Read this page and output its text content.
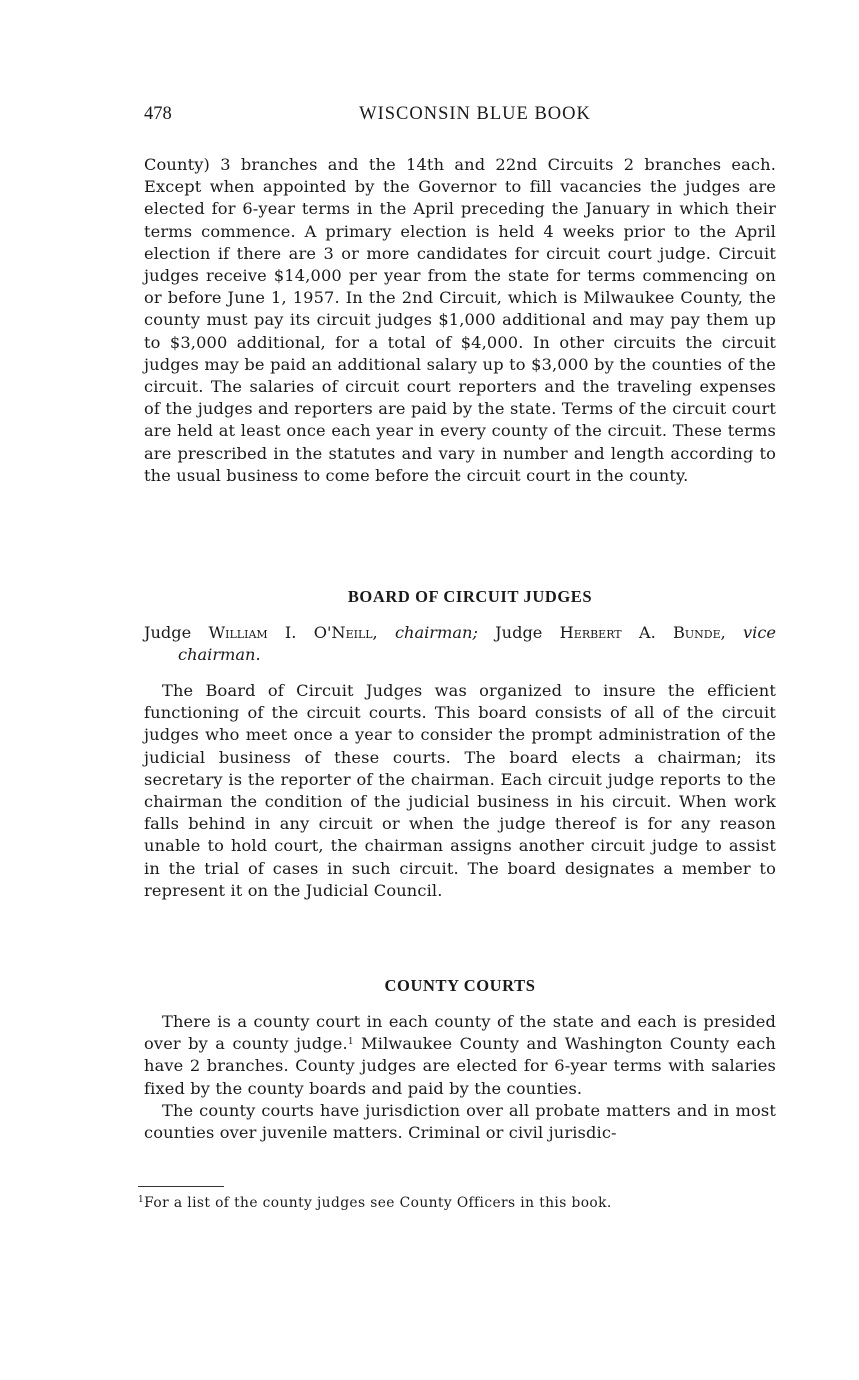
478	WISCONSIN BLUE BOOK

County) 3 branches and the 14th and 22nd Circuits 2 branches each. Except when appointed by the Governor to fill vacancies the judges are elected for 6-year terms in the April preceding the January in which their terms commence. A primary election is held 4 weeks prior to the April election if there are 3 or more candidates for circuit court judge. Circuit judges receive $14,000 per year from the state for terms commencing on or before June 1, 1957. In the 2nd Circuit, which is Milwaukee County, the county must pay its circuit judges $1,000 additional and may pay them up to $3,000 additional, for a total of $4,000. In other circuits the circuit judges may be paid an additional salary up to $3,000 by the counties of the circuit. The salaries of circuit court reporters and the traveling expenses of the judges and reporters are paid by the state. Terms of the circuit court are held at least once each year in every county of the circuit. These terms are prescribed in the statutes and vary in number and length according to the usual business to come before the circuit court in the county.

BOARD OF CIRCUIT JUDGES
Judge William I. O'Neill, chairman; Judge Herbert A. Bunde, vice
chairman.

The Board of Circuit Judges was organized to insure the efficient functioning of the circuit courts. This board consists of all of the circuit judges who meet once a year to consider the prompt administration of the judicial business of these courts. The board elects a chairman; its secretary is the reporter of the chairman. Each circuit judge reports to the chairman the condition of the judicial business in his circuit. When work falls behind in any circuit or when the judge thereof is for any reason unable to hold court, the chairman assigns another circuit judge to assist in the trial of cases in such circuit. The board designates a member to represent it on the Judicial Council.

COUNTY COURTS

There is a county court in each county of the state and each is presided over by a county judge.$^1$ Milwaukee County and Washington County each have 2 branches. County judges are elected for 6-year terms with salaries fixed by the county boards and paid by the counties.

The county courts have jurisdiction over all probate matters and in most counties over juvenile matters. Criminal or civil jurisdic-

$^1$For a list of the county judges see County Officers in this book.
